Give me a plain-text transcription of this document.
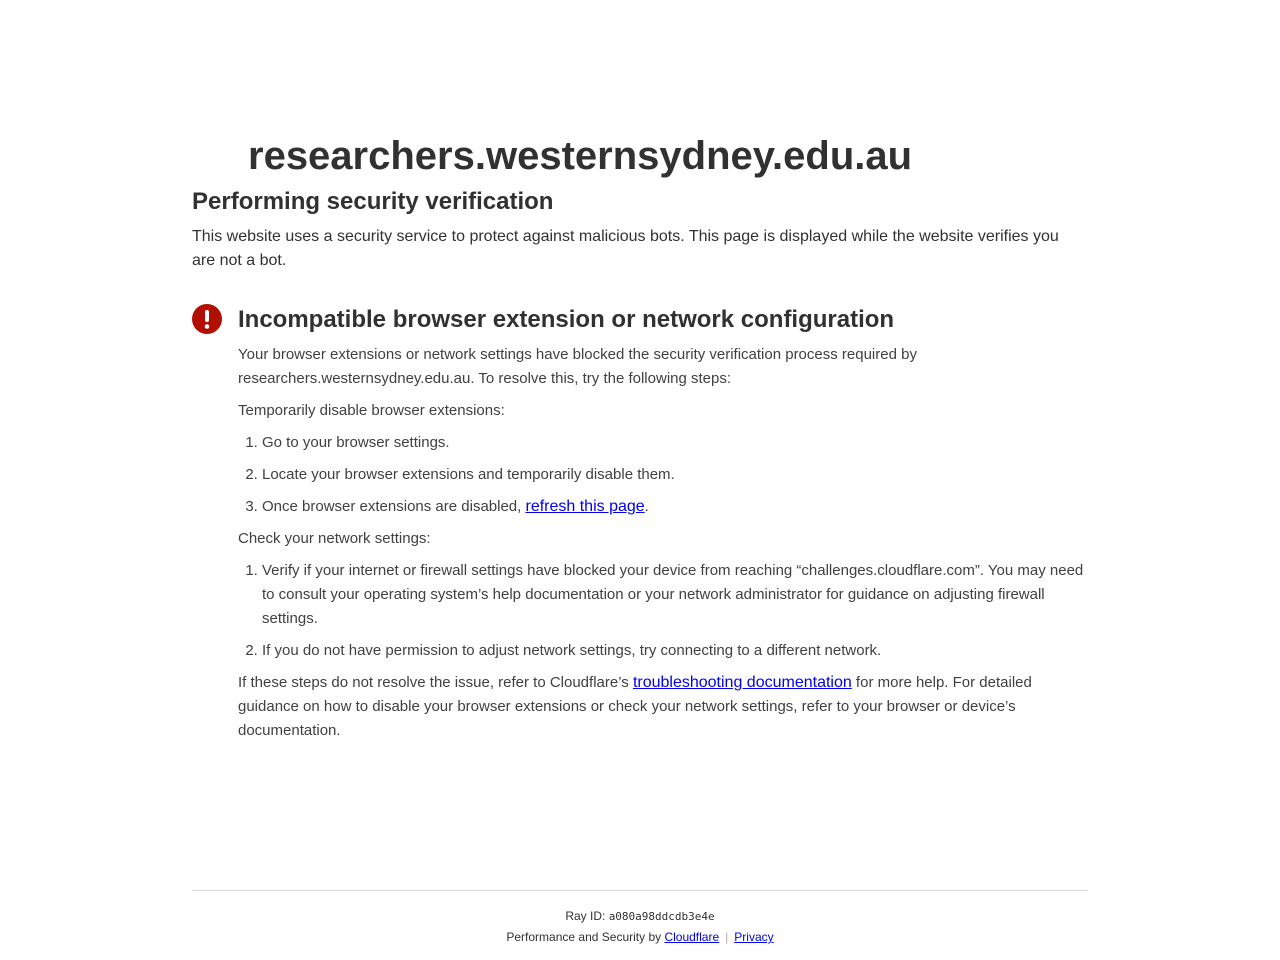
researchers.westernsydney.edu.au
Performing security verification

This website uses a security service to protect against malicious bots. This page is displayed while the website verifies you are not a bot.

Incompatible browser extension or network configuration

Your browser extensions or network settings have blocked the security verification process required by researchers.westernsydney.edu.au. To resolve this, try the following steps:

Temporarily disable browser extensions:

1. Go to your browser settings.
2. Locate your browser extensions and temporarily disable them.
3. Once browser extensions are disabled, refresh this page.

Check your network settings:

1. Verify if your internet or firewall settings have blocked your device from reaching “challenges.cloudflare.com”. You may need to consult your operating system’s help documentation or your network administrator for guidance on adjusting firewall settings.
2. If you do not have permission to adjust network settings, try connecting to a different network.

If these steps do not resolve the issue, refer to Cloudflare’s troubleshooting documentation for more help. For detailed guidance on how to disable your browser extensions or check your network settings, refer to your browser or device’s documentation.

Ray ID: a080a98ddcdb3e4e
Performance and Security by Cloudflare | Privacy
